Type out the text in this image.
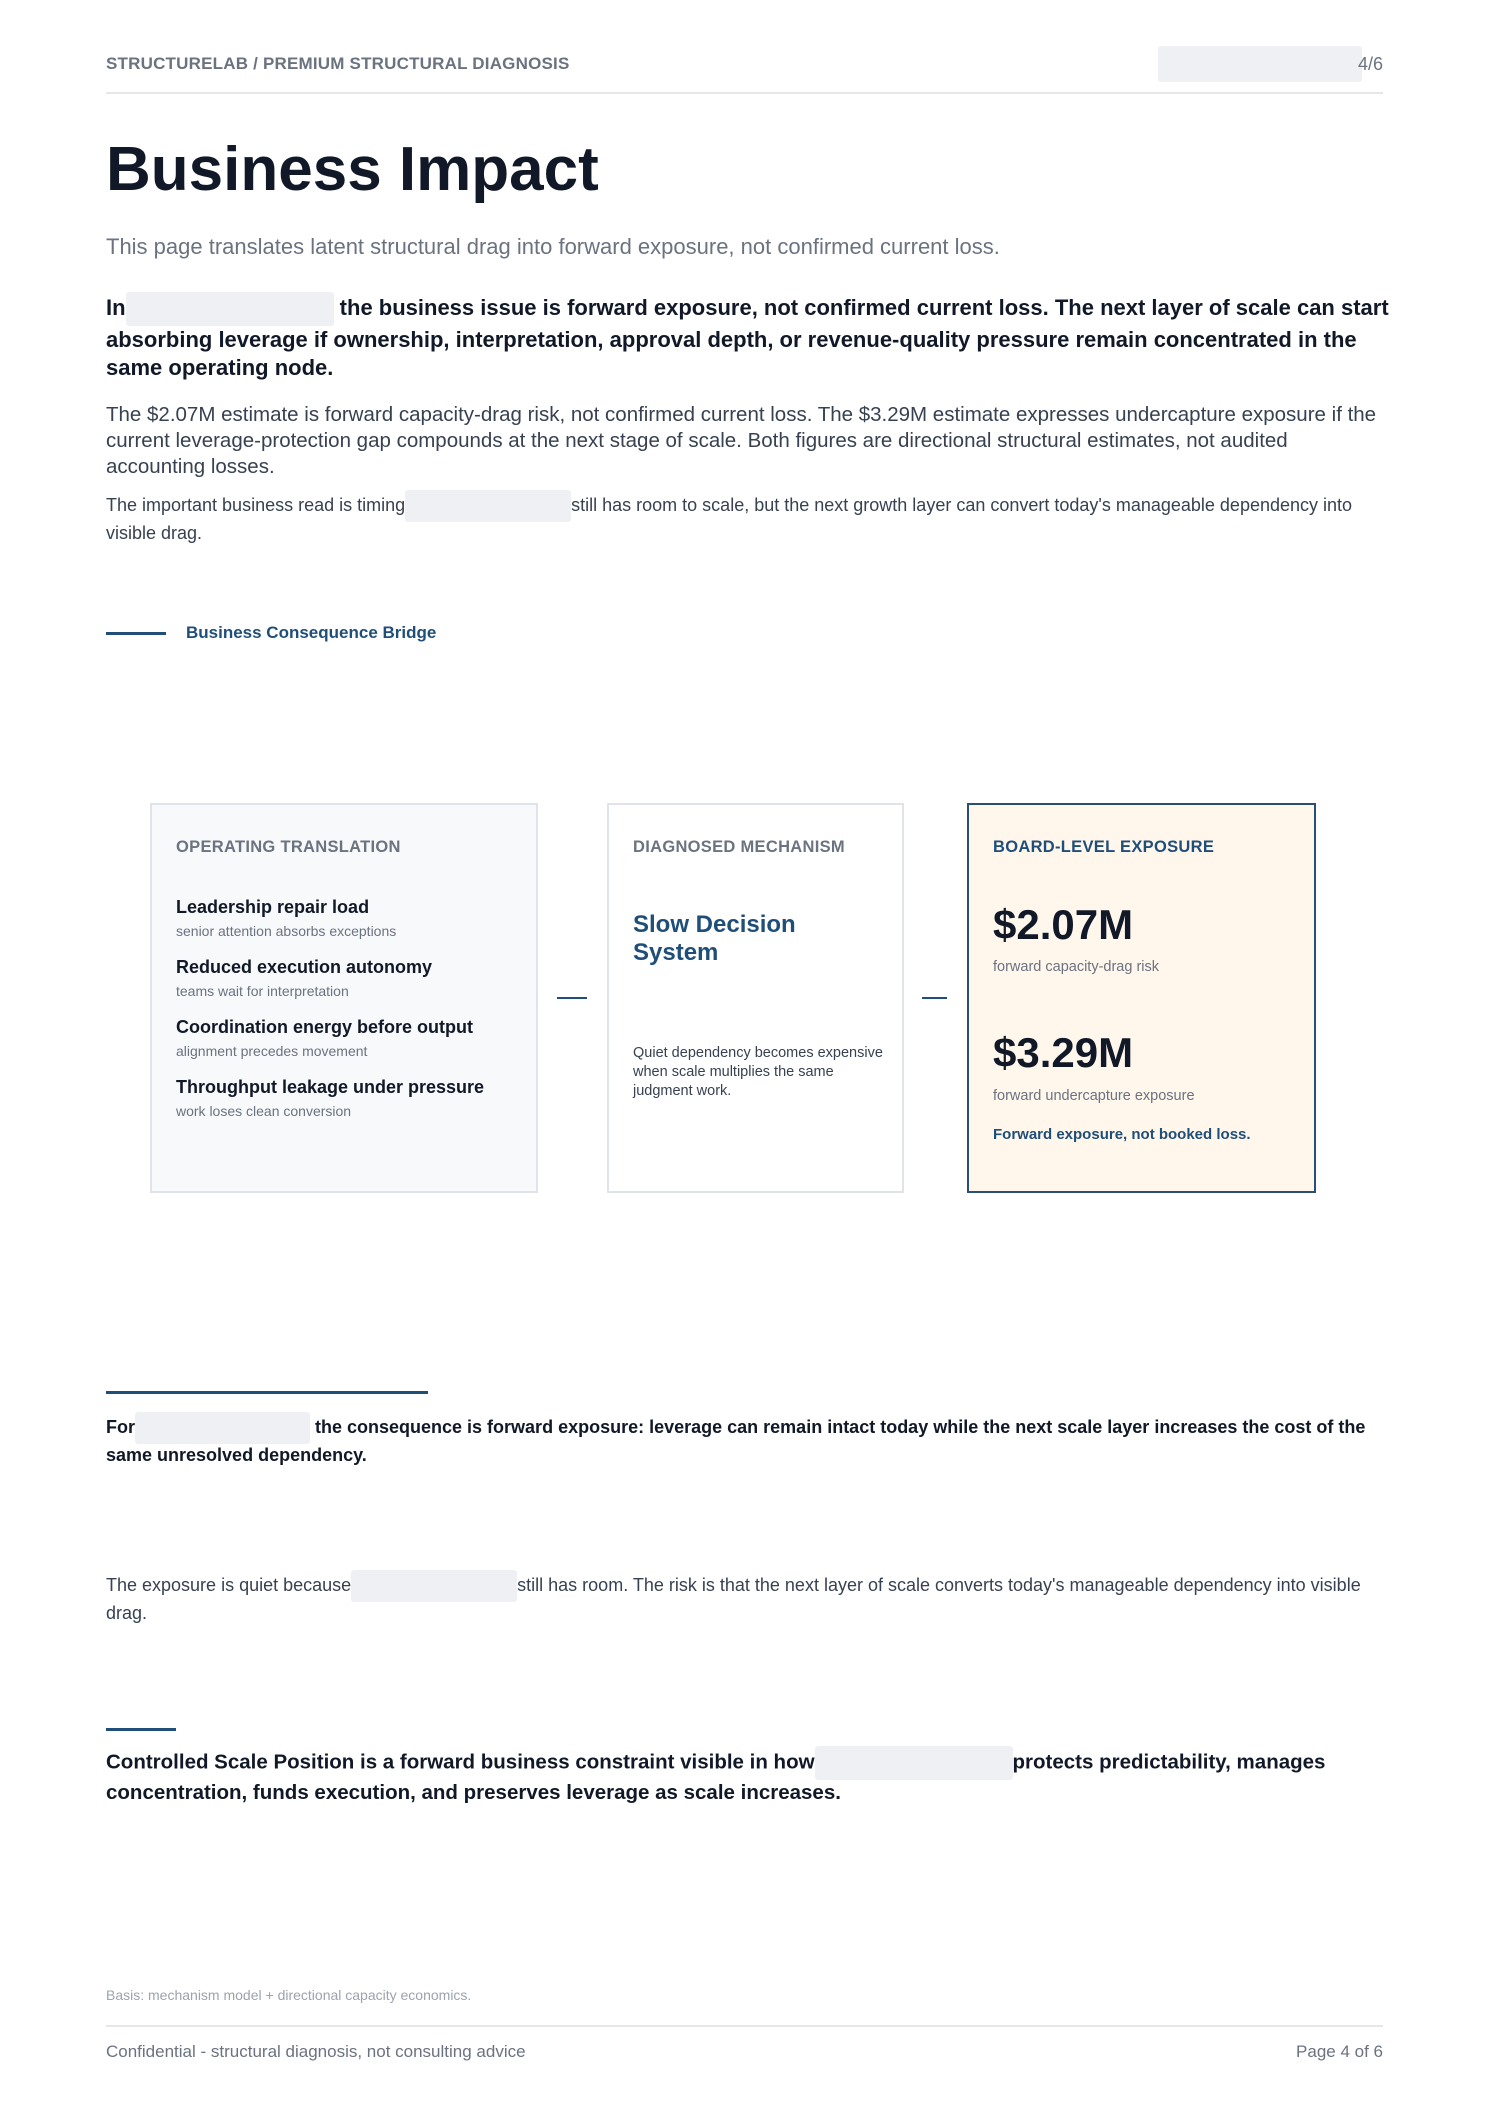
STRUCTURELAB / PREMIUM STRUCTURAL DIAGNOSIS	4/6
Business Impact
This page translates latent structural drag into forward exposure, not confirmed current loss.
In	the business issue is forward exposure, not confirmed current loss. The next layer of scale can start absorbing leverage if ownership, interpretation, approval depth, or revenue-quality pressure remain concentrated in the same operating node.
The $2.07M estimate is forward capacity-drag risk, not confirmed current loss. The $3.29M estimate expresses undercapture exposure if the current leverage-protection gap compounds at the next stage of scale. Both figures are directional structural estimates, not audited accounting losses.
The important business read is timing	still has room to scale, but the next growth layer can convert today's manageable dependency into visible drag.
Business Consequence Bridge
OPERATING TRANSLATION
Leadership repair load
senior attention absorbs exceptions
Reduced execution autonomy
teams wait for interpretation
Coordination energy before output
alignment precedes movement
Throughput leakage under pressure
work loses clean conversion
DIAGNOSED MECHANISM
Slow Decision System
Quiet dependency becomes expensive when scale multiplies the same judgment work.
BOARD-LEVEL EXPOSURE
$2.07M
forward capacity-drag risk
$3.29M
forward undercapture exposure
Forward exposure, not booked loss.
For	the consequence is forward exposure: leverage can remain intact today while the next scale layer increases the cost of the same unresolved dependency.
The exposure is quiet because	still has room. The risk is that the next layer of scale converts today's manageable dependency into visible drag.
Controlled Scale Position is a forward business constraint visible in how	protects predictability, manages concentration, funds execution, and preserves leverage as scale increases.
Basis: mechanism model + directional capacity economics.
Confidential - structural diagnosis, not consulting advice	Page 4 of 6
